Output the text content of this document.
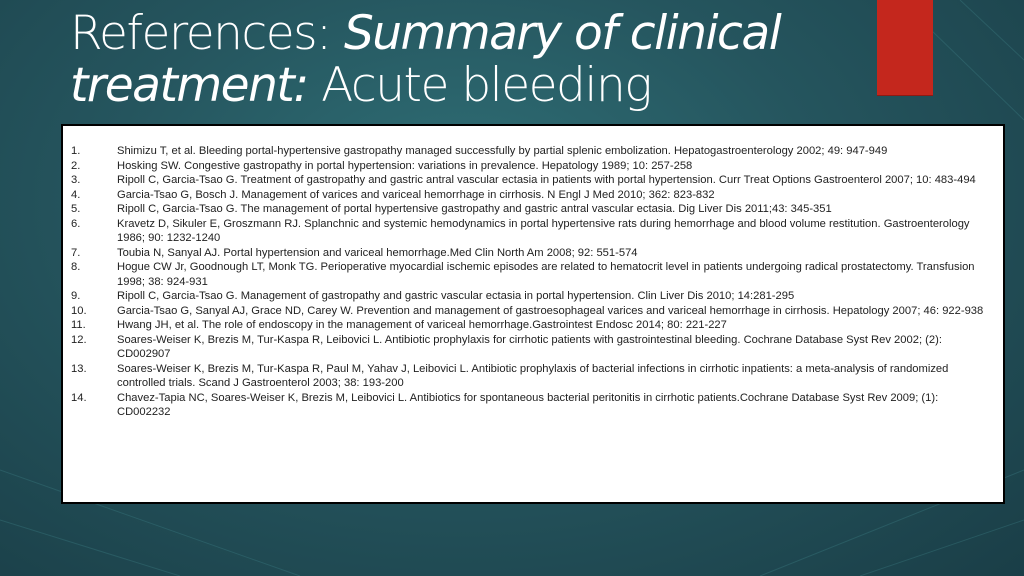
References: Summary of clinical
treatment: Acute bleeding
1.	Shimizu T, et al. Bleeding portal-hypertensive gastropathy managed successfully by partial splenic embolization. Hepatogastroenterology 2002; 49: 947-949
2.	Hosking SW. Congestive gastropathy in portal hypertension: variations in prevalence. Hepatology 1989; 10: 257-258
3.	Ripoll C, Garcia-Tsao G. Treatment of gastropathy and gastric antral vascular ectasia in patients with portal hypertension. Curr Treat Options Gastroenterol 2007; 10: 483-494
4.	Garcia-Tsao G, Bosch J. Management of varices and variceal hemorrhage in cirrhosis. N Engl J Med 2010; 362: 823-832
5.	Ripoll C, Garcia-Tsao G. The management of portal hypertensive gastropathy and gastric antral vascular ectasia. Dig Liver Dis 2011;43: 345-351
6.	Kravetz D, Sikuler E, Groszmann RJ. Splanchnic and systemic hemodynamics in portal hypertensive rats during hemorrhage and blood volume restitution. Gastroenterology 1986; 90: 1232-1240
7.	Toubia N, Sanyal AJ. Portal hypertension and variceal hemorrhage.Med Clin North Am 2008; 92: 551-574
8.	Hogue CW Jr, Goodnough LT, Monk TG. Perioperative myocardial ischemic episodes are related to hematocrit level in patients undergoing radical prostatectomy. Transfusion 1998; 38: 924-931
9.	Ripoll C, Garcia-Tsao G. Management of gastropathy and gastric vascular ectasia in portal hypertension. Clin Liver Dis 2010; 14:281-295
10.	Garcia-Tsao G, Sanyal AJ, Grace ND, Carey W. Prevention and management of gastroesophageal varices and variceal hemorrhage in cirrhosis. Hepatology 2007; 46: 922-938
11.	Hwang JH, et al. The role of endoscopy in the management of variceal hemorrhage.Gastrointest Endosc 2014; 80: 221-227
12.	Soares-Weiser K, Brezis M, Tur-Kaspa R, Leibovici L. Antibiotic prophylaxis for cirrhotic patients with gastrointestinal bleeding. Cochrane Database Syst Rev 2002; (2): CD002907
13.	Soares-Weiser K, Brezis M, Tur-Kaspa R, Paul M, Yahav J, Leibovici L. Antibiotic prophylaxis of bacterial infections in cirrhotic inpatients: a meta-analysis of randomized controlled trials. Scand J Gastroenterol 2003; 38: 193-200
14.	Chavez-Tapia NC, Soares-Weiser K, Brezis M, Leibovici L. Antibiotics for spontaneous bacterial peritonitis in cirrhotic patients.Cochrane Database Syst Rev 2009; (1): CD002232
